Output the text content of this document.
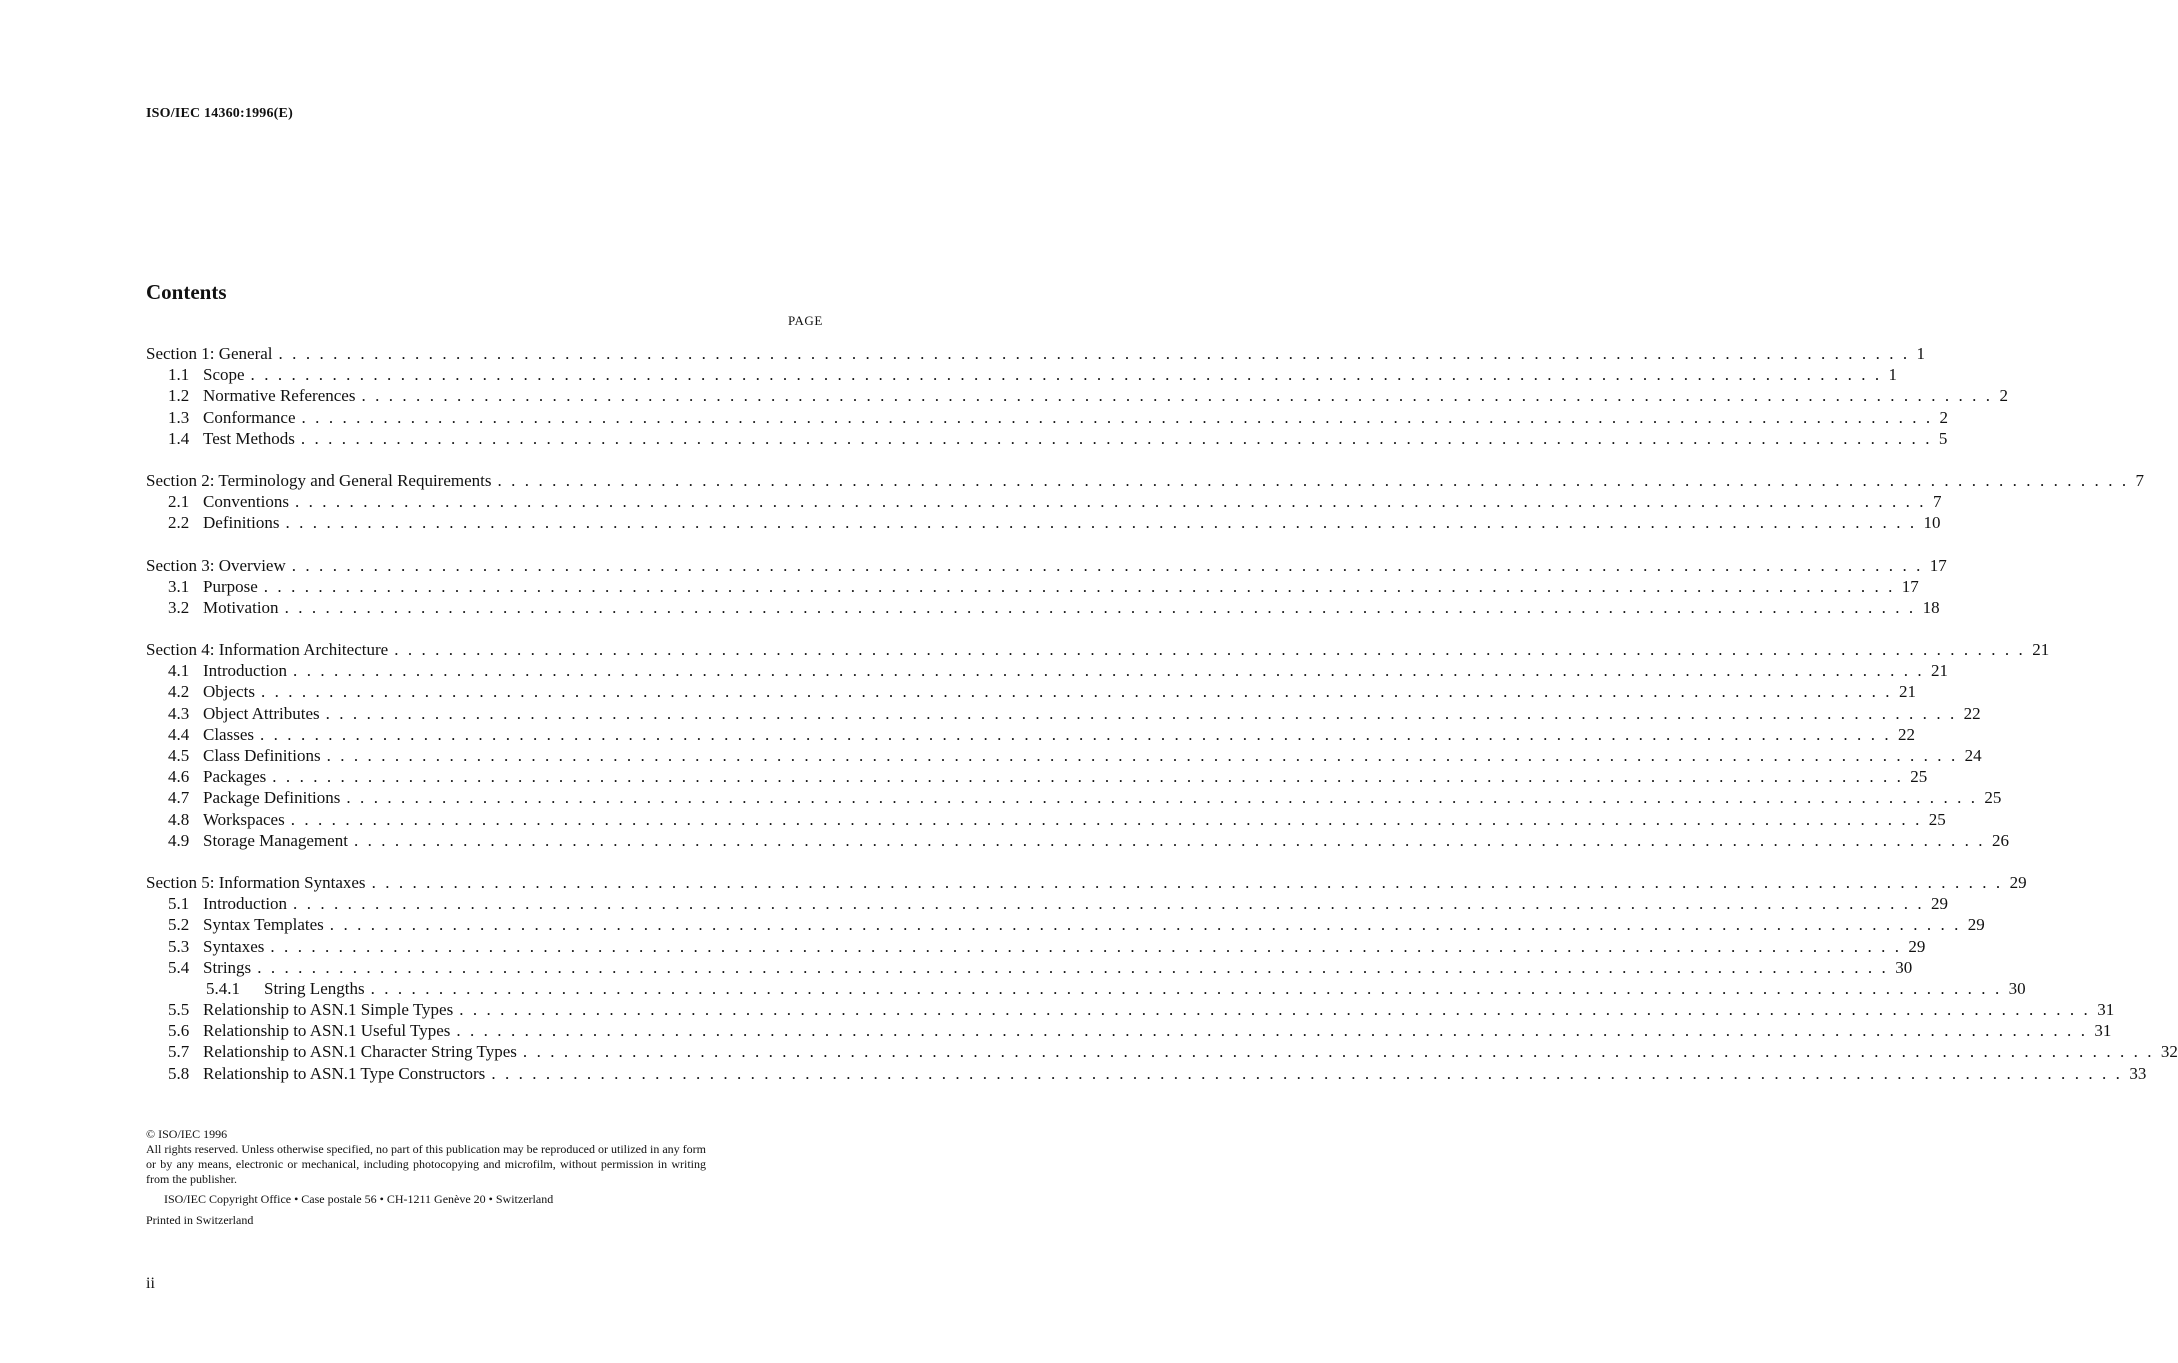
ISO/IEC 14360:1996(E)
Contents
PAGE
Section 1: General ........................................................................................................................ 1
1.1 Scope ........................................................................................................................ 1
1.2 Normative References ........................................................................................................................ 2
1.3 Conformance ........................................................................................................................ 2
1.4 Test Methods ........................................................................................................................ 5
Section 2: Terminology and General Requirements ........................................................................................................................ 7
2.1 Conventions ........................................................................................................................ 7
2.2 Definitions ........................................................................................................................ 10
Section 3: Overview ........................................................................................................................ 17
3.1 Purpose ........................................................................................................................ 17
3.2 Motivation ........................................................................................................................ 18
Section 4: Information Architecture ........................................................................................................................ 21
4.1 Introduction ........................................................................................................................ 21
4.2 Objects ........................................................................................................................ 21
4.3 Object Attributes ........................................................................................................................ 22
4.4 Classes ........................................................................................................................ 22
4.5 Class Definitions ........................................................................................................................ 24
4.6 Packages ........................................................................................................................ 25
4.7 Package Definitions ........................................................................................................................ 25
4.8 Workspaces ........................................................................................................................ 25
4.9 Storage Management ........................................................................................................................ 26
Section 5: Information Syntaxes ........................................................................................................................ 29
5.1 Introduction ........................................................................................................................ 29
5.2 Syntax Templates ........................................................................................................................ 29
5.3 Syntaxes ........................................................................................................................ 29
5.4 Strings ........................................................................................................................ 30
5.4.1 String Lengths ........................................................................................................................ 30
5.5 Relationship to ASN.1 Simple Types ........................................................................................................................ 31
5.6 Relationship to ASN.1 Useful Types ........................................................................................................................ 31
5.7 Relationship to ASN.1 Character String Types ........................................................................................................................ 32
5.8 Relationship to ASN.1 Type Constructors ........................................................................................................................ 33
© ISO/IEC 1996
All rights reserved. Unless otherwise specified, no part of this publication may be reproduced or utilized in any form or by any means, electronic or mechanical, including photocopying and microfilm, without permission in writing from the publisher.
ISO/IEC Copyright Office • Case postale 56 • CH-1211 Genève 20 • Switzerland
Printed in Switzerland
ii
